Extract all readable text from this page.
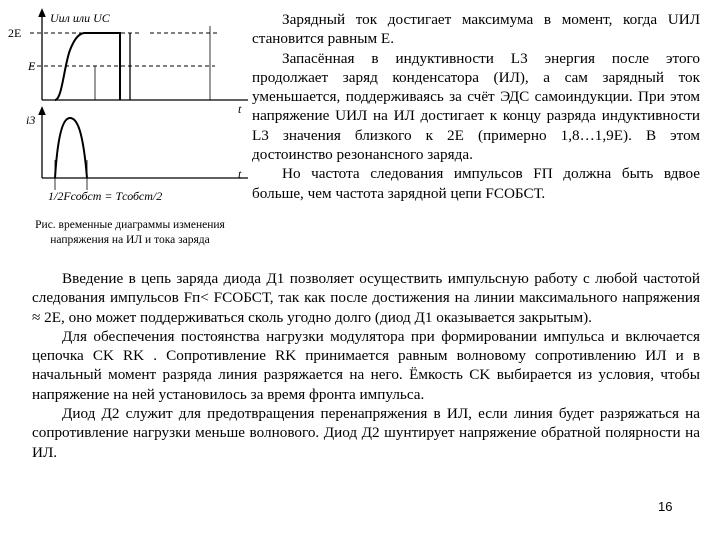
Uил или UC
2E
E
t
i3
t
1/2Fсобст = Tсобст/2
Рис. временные диаграммы изменения напряжения на ИЛ и тока заряда

Зарядный ток достигает максимума в момент, когда UИЛ становится равным E.

Запасённая в индуктивности L3 энергия после этого продолжает заряд конденсатора (ИЛ), а сам зарядный ток уменьшается, поддерживаясь за счёт ЭДС самоиндукции. При этом напряжение UИЛ на ИЛ достигает к концу разряда индуктивности L3 значения близкого к 2E (примерно 1,8…1,9E). В этом достоинство резонансного заряда.

Но частота следования импульсов FП должна быть вдвое больше, чем частота зарядной цепи FСОБСТ.

Введение в цепь заряда диода Д1 позволяет осуществить импульсную работу с любой частотой следования импульсов Fп< FСОБСТ, так как после достижения на линии максимального напряжения ≈ 2E, оно может поддерживаться сколь угодно долго (диод Д1 оказывается закрытым).

Для обеспечения постоянства нагрузки модулятора при формировании импульса и включается цепочка CK RK . Сопротивление RK принимается равным волновому сопротивлению ИЛ и в начальный момент разряда линия разряжается на него. Ёмкость CK выбирается из условия, чтобы напряжение на ней установилось за время фронта импульса.

Диод Д2 служит для предотвращения перенапряжения в ИЛ, если линия будет разряжаться на сопротивление нагрузки меньше волнового. Диод Д2 шунтирует напряжение обратной полярности на ИЛ.

16
